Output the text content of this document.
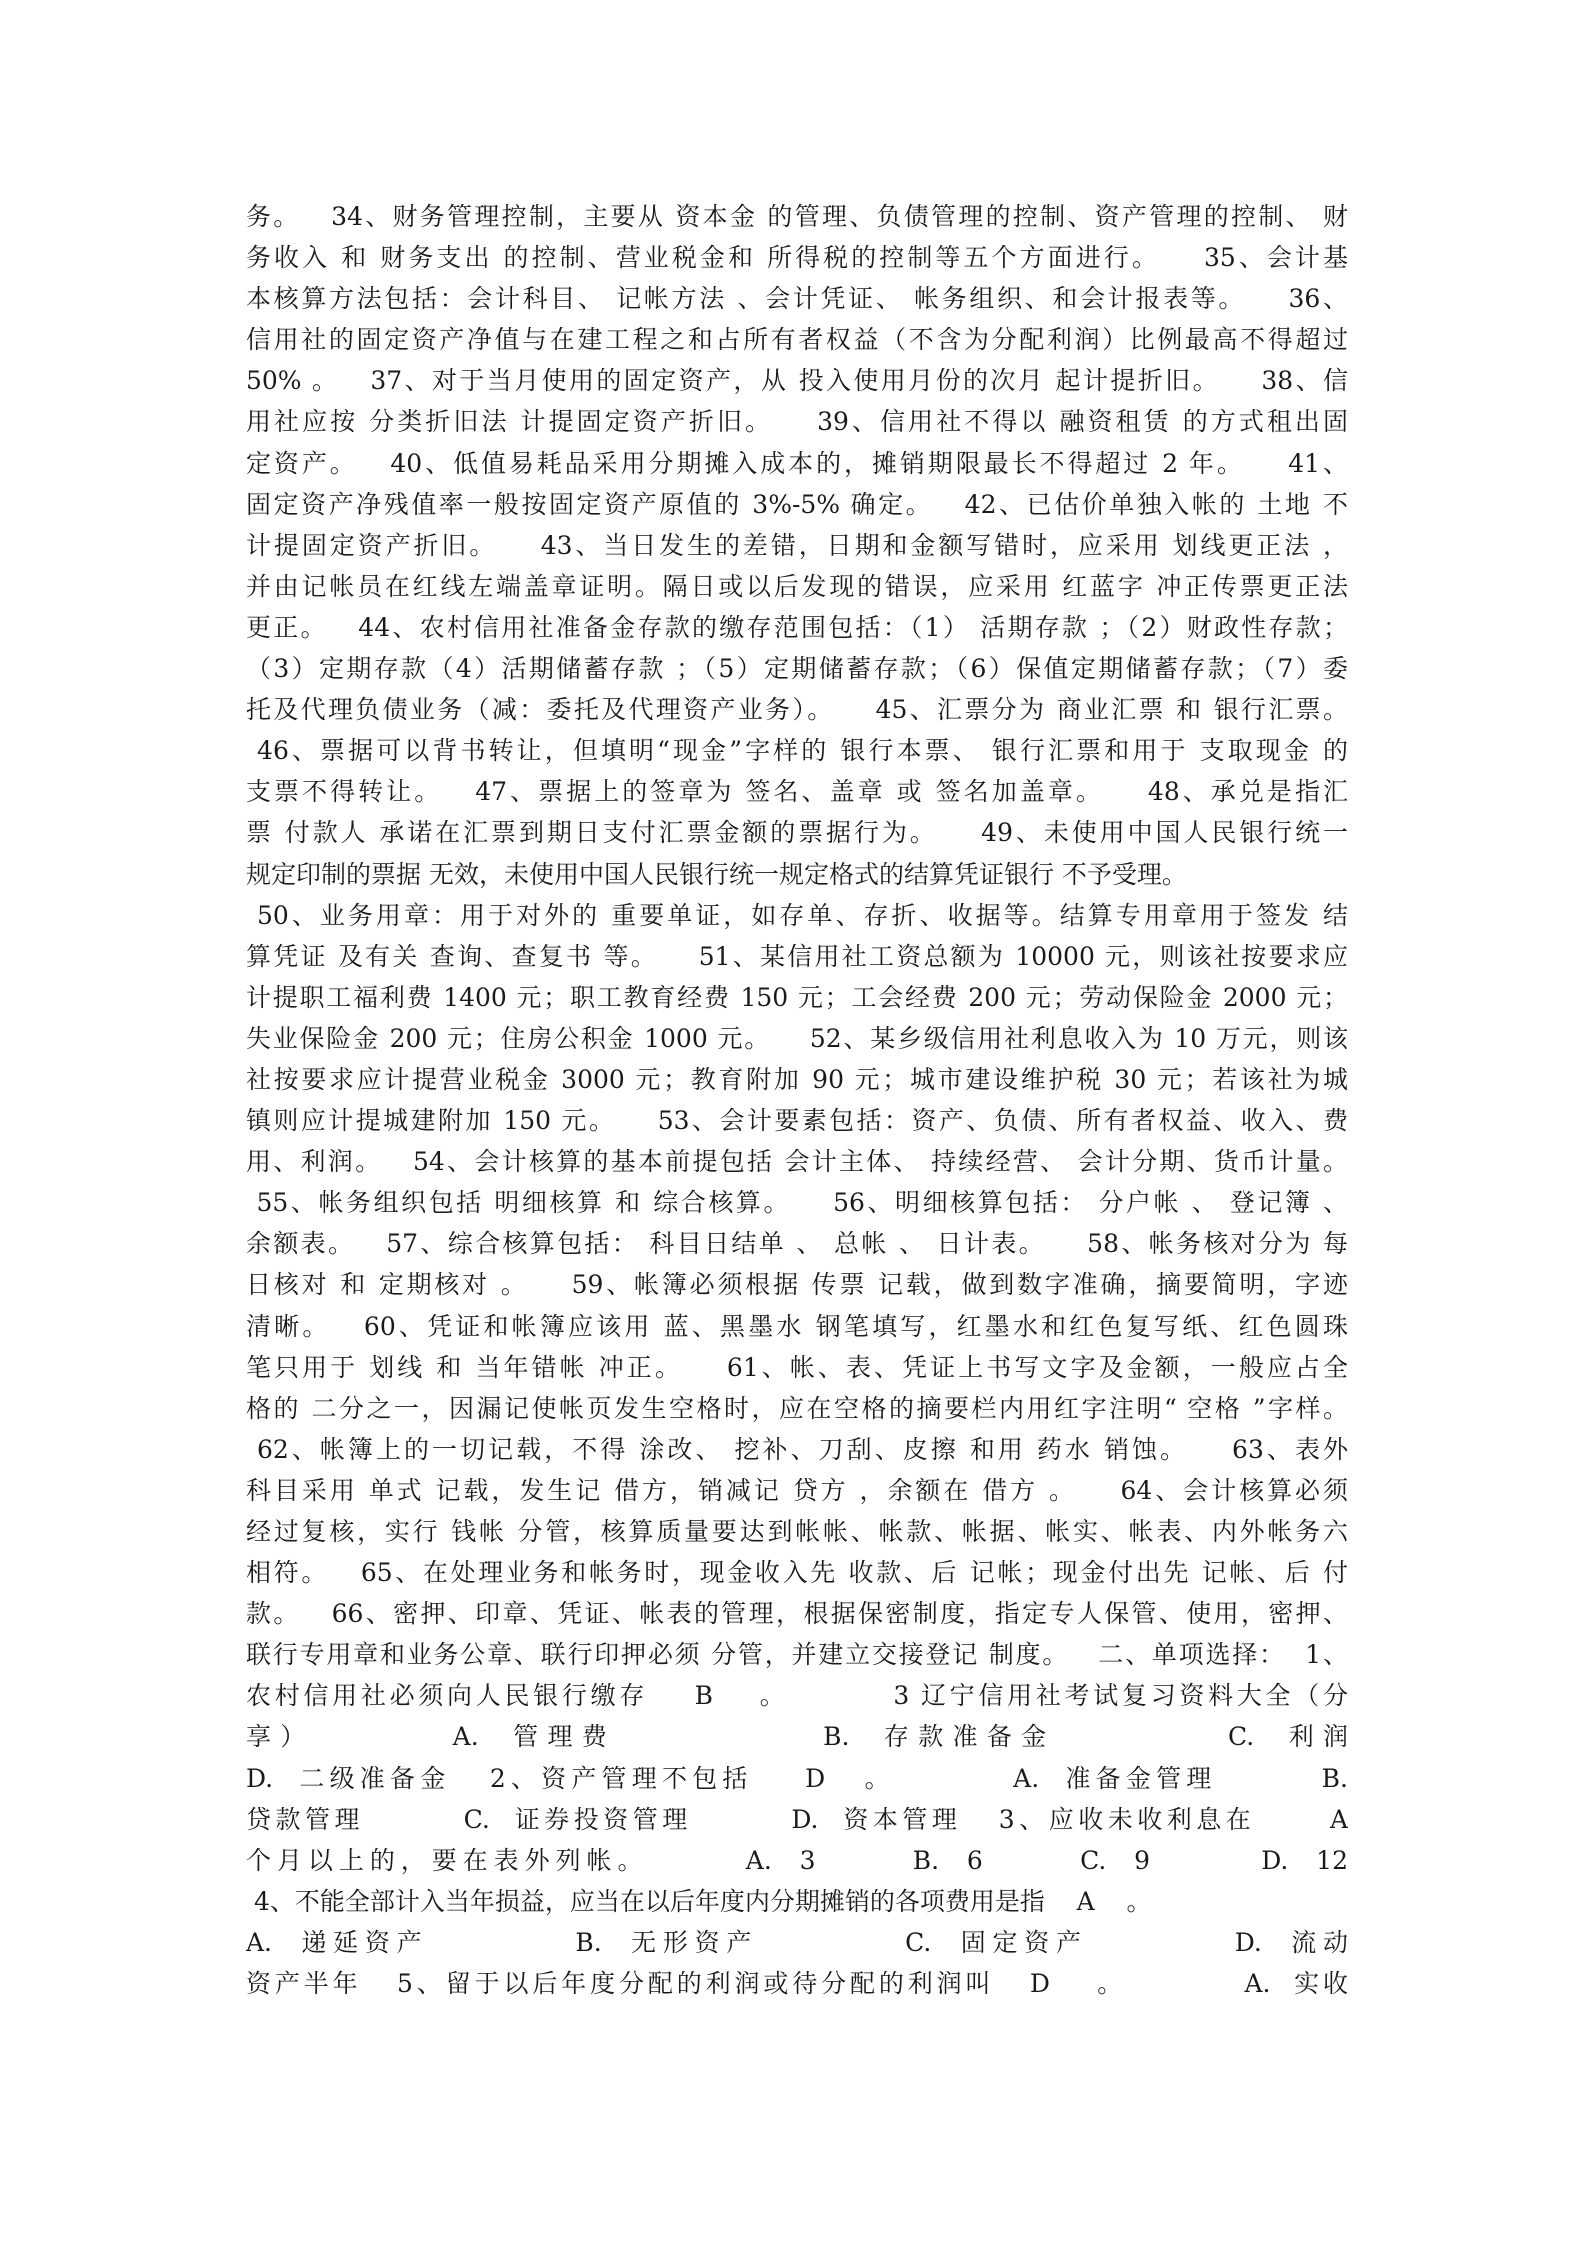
务。   34、财务管理控制，主要从 资本金 的管理、负债管理的控制、资产管理的控制、 财
务收入 和 财务支出 的控制、营业税金和 所得税的控制等五个方面进行。    35、会计基
本核算方法包括：会计科目、 记帐方法 、会计凭证、 帐务组织、和会计报表等。    36、
信用社的固定资产净值与在建工程之和占所有者权益（不含为分配利润）比例最高不得超过
50% 。   37、对于当月使用的固定资产，从 投入使用月份的次月 起计提折旧。    38、信
用社应按 分类折旧法 计提固定资产折旧。    39、信用社不得以 融资租赁 的方式租出固
定资产。   40、低值易耗品采用分期摊入成本的，摊销期限最长不得超过 2 年。    41、
固定资产净残值率一般按固定资产原值的 3%-5% 确定。   42、已估价单独入帐的 土地 不
计提固定资产折旧。    43、当日发生的差错，日期和金额写错时，应采用 划线更正法 ，
并由记帐员在红线左端盖章证明。隔日或以后发现的错误，应采用 红蓝字 冲正传票更正法
更正。   44、农村信用社准备金存款的缴存范围包括：（1） 活期存款 ；（2）财政性存款；
（3）定期存款（4）活期储蓄存款 ；（5）定期储蓄存款；（6）保值定期储蓄存款；（7）委
托及代理负债业务（减：委托及代理资产业务）。    45、汇票分为 商业汇票 和 银行汇票。
46、票据可以背书转让，但填明“现金”字样的 银行本票、 银行汇票和用于 支取现金 的
支票不得转让。   47、票据上的签章为 签名、盖章 或 签名加盖章。    48、承兑是指汇
票 付款人 承诺在汇票到期日支付汇票金额的票据行为。    49、未使用中国人民银行统一
规定印制的票据 无效，未使用中国人民银行统一规定格式的结算凭证银行 不予受理。
50、业务用章：用于对外的 重要单证，如存单、存折、收据等。结算专用章用于签发 结
算凭证 及有关 查询、查复书 等。    51、某信用社工资总额为 10000 元，则该社按要求应
计提职工福利费 1400 元；职工教育经费 150 元；工会经费 200 元；劳动保险金 2000 元；
失业保险金 200 元；住房公积金 1000 元。    52、某乡级信用社利息收入为 10 万元，则该
社按要求应计提营业税金 3000 元；教育附加 90 元；城市建设维护税 30 元；若该社为城
镇则应计提城建附加 150 元。    53、会计要素包括：资产、负债、所有者权益、收入、费
用、利润。   54、会计核算的基本前提包括 会计主体、 持续经营、 会计分期、货币计量。
55、帐务组织包括 明细核算 和 综合核算。    56、明细核算包括： 分户帐 、 登记簿 、
余额表。   57、综合核算包括： 科目日结单 、 总帐 、 日计表。    58、帐务核对分为 每
日核对 和 定期核对 。    59、帐簿必须根据 传票 记载，做到数字准确，摘要简明，字迹
清晰。   60、凭证和帐簿应该用 蓝、黑墨水 钢笔填写，红墨水和红色复写纸、红色圆珠
笔只用于 划线 和 当年错帐 冲正。    61、帐、表、凭证上书写文字及金额，一般应占全
格的 二分之一，因漏记使帐页发生空格时，应在空格的摘要栏内用红字注明“ 空格 ”字样。
62、帐簿上的一切记载，不得 涂改、 挖补、刀刮、皮擦 和用 药水 销蚀。    63、表外
科目采用 单式 记载，发生记 借方，销减记 贷方 ，余额在 借方 。    64、会计核算必须
经过复核，实行 钱帐 分管，核算质量要达到帐帐、帐款、帐据、帐实、帐表、内外帐务六
相符。   65、在处理业务和帐务时，现金收入先 收款、后 记帐；现金付出先 记帐、后 付
款。   66、密押、印章、凭证、帐表的管理，根据保密制度，指定专人保管、使用，密押、
联行专用章和业务公章、联行印押必须 分管，并建立交接登记 制度。   二、单项选择：  1、
农村信用社必须向人民银行缴存    B    。         3 辽宁信用社考试复习资料大全（分
享）        A.  管理费            B.  存款准备金          C.  利润
D.  二级准备金   2、资产管理不包括    D   。         A.  准备金管理        B.
贷款管理        C.  证券投资管理        D.  资本管理   3、应收未收利息在      A
个月以上的，要在表外列帐。       A.  3       B.  6       C.  9        D.  12
4、不能全部计入当年损益，应当在以后年度内分期摊销的各项费用是指    A    。
A.  递延资产          B.  无形资产          C.  固定资产          D.  流动
资产半年   5、留于以后年度分配的利润或待分配的利润叫   D    。          A.  实收
